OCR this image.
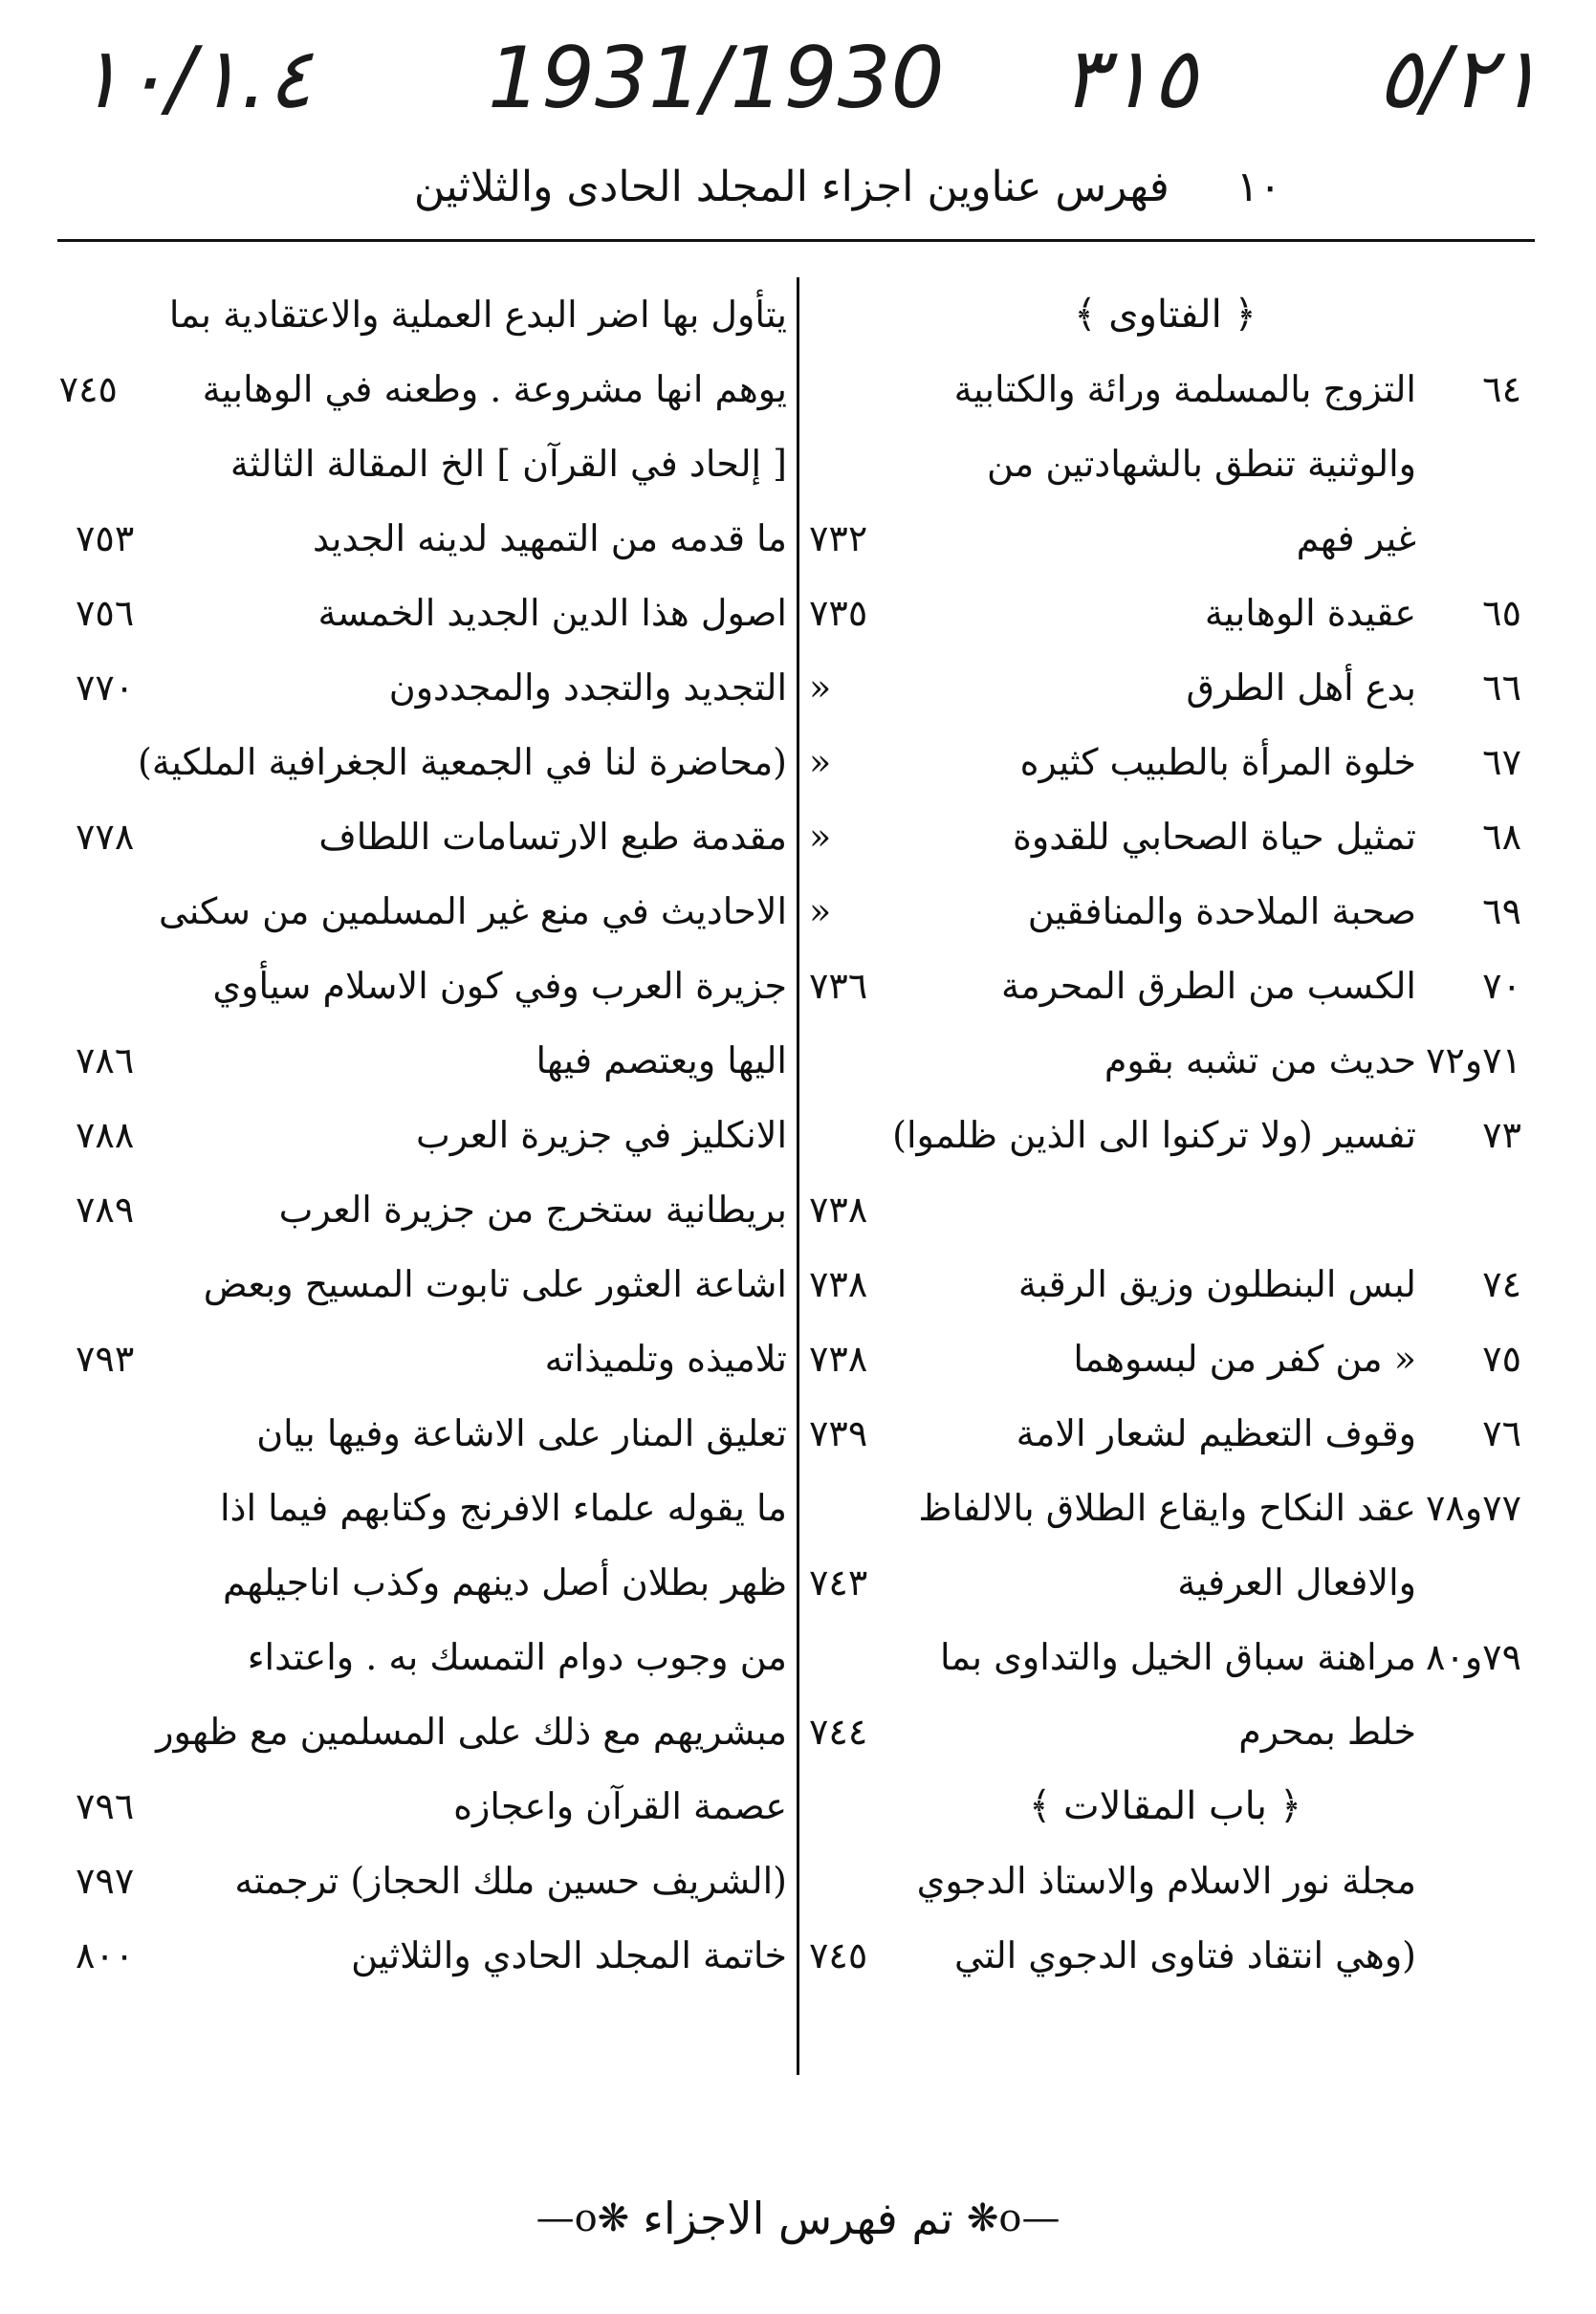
١٠/١.٤ 1931/1930 ٣١٥ ٥/٢١
١٠
فهرس عناوين اجزاء المجلد الحادى والثلاثين
﴿ الفتاوى ﴾
٦٤
التزوج بالمسلمة ورائة والكتابية
والوثنية تنطق بالشهادتين من
غير فهم
٧٣٢
٦٥
عقيدة الوهابية
٧٣٥
٦٦
بدع أهل الطرق
«
٦٧
خلوة المرأة بالطبيب كثيره
«
٦٨
تمثيل حياة الصحابي للقدوة
«
٦٩
صحبة الملاحدة والمنافقين
«
٧٠
الكسب من الطرق المحرمة
٧٣٦
٧١و٧٢
حديث من تشبه بقوم
٧٣
تفسير (ولا تركنوا الى الذين ظلموا)
٧٣٨
٧٤
لبس البنطلون وزيق الرقبة
٧٣٨
٧٥
« من كفر من لبسوهما
٧٣٨
٧٦
وقوف التعظيم لشعار الامة
٧٣٩
٧٧و٧٨
عقد النكاح وايقاع الطلاق بالالفاظ
والافعال العرفية
٧٤٣
٧٩و٨٠
مراهنة سباق الخيل والتداوى بما
خلط بمحرم
٧٤٤
﴿ باب المقالات ﴾
مجلة نور الاسلام والاستاذ الدجوي
(وهي انتقاد فتاوى الدجوي التي
٧٤٥
يتأول بها اضر البدع العملية والاعتقادية بما
يوهم انها مشروعة . وطعنه في الوهابية
٧٤٥
[ إلحاد في القرآن ] الخ المقالة الثالثة
ما قدمه من التمهيد لدينه الجديد
٧٥٣
اصول هذا الدين الجديد الخمسة
٧٥٦
التجديد والتجدد والمجددون
٧٧٠
(محاضرة لنا في الجمعية الجغرافية الملكية)
مقدمة طبع الارتسامات اللطاف
٧٧٨
الاحاديث في منع غير المسلمين من سكنى
جزيرة العرب وفي كون الاسلام سيأوي
اليها ويعتصم فيها
٧٨٦
الانكليز في جزيرة العرب
٧٨٨
بريطانية ستخرج من جزيرة العرب
٧٨٩
اشاعة العثور على تابوت المسيح وبعض
تلاميذه وتلميذاته
٧٩٣
تعليق المنار على الاشاعة وفيها بيان
ما يقوله علماء الافرنج وكتابهم فيما اذا
ظهر بطلان أصل دينهم وكذب اناجيلهم
من وجوب دوام التمسك به . واعتداء
مبشريهم مع ذلك على المسلمين مع ظهور
عصمة القرآن واعجازه
٧٩٦
(الشريف حسين ملك الحجاز) ترجمته
٧٩٧
خاتمة المجلد الحادي والثلاثين
٨٠٠
—o❋
تم فهرس الاجزاء
❋o—
